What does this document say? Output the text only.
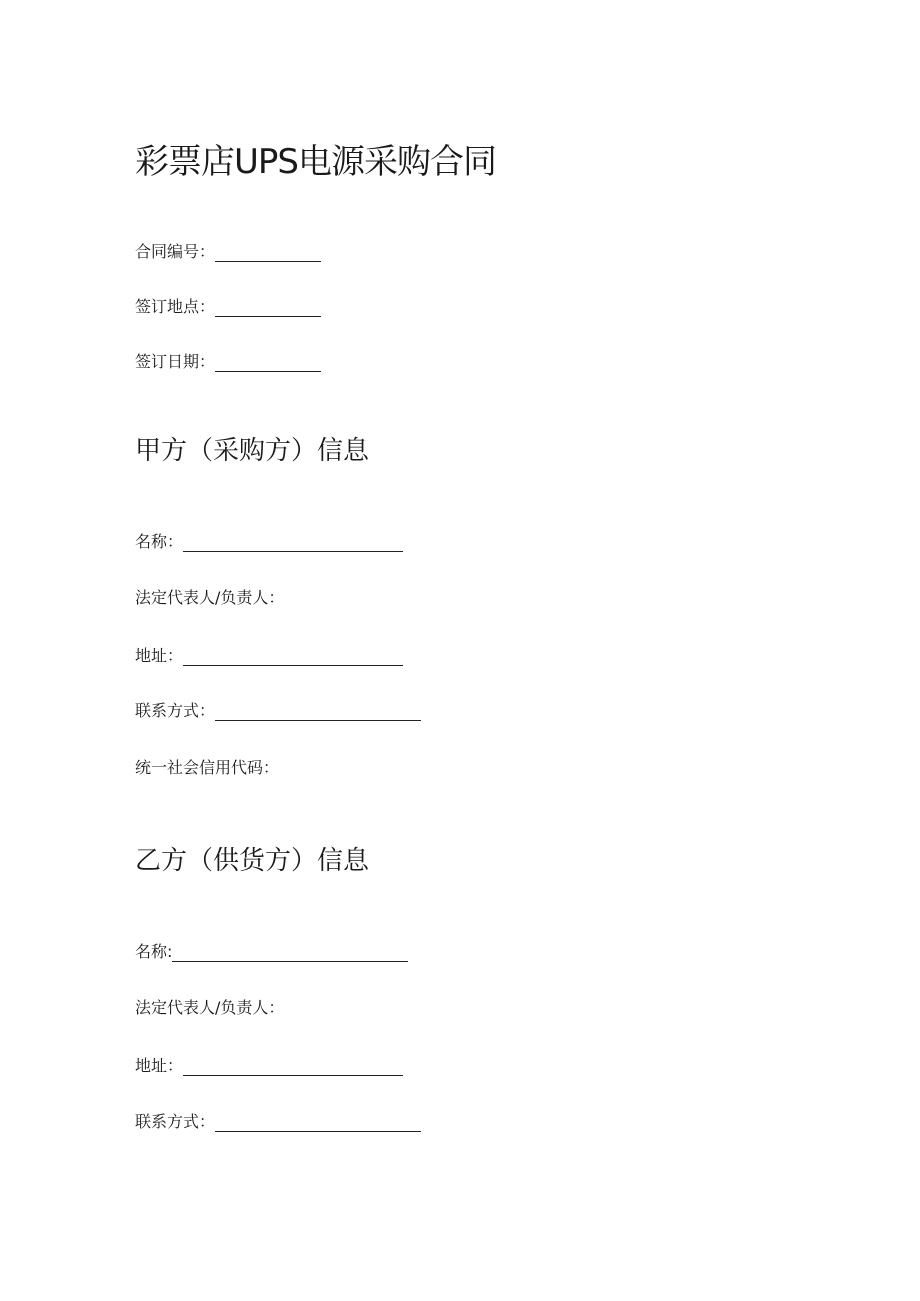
彩票店UPS电源采购合同
合同编号：
签订地点：
签订日期：
甲方（采购方）信息
名称：
法定代表人/负责人：
地址：
联系方式：
统一社会信用代码：
乙方（供货方）信息
名称:
法定代表人/负责人：
地址：
联系方式：
